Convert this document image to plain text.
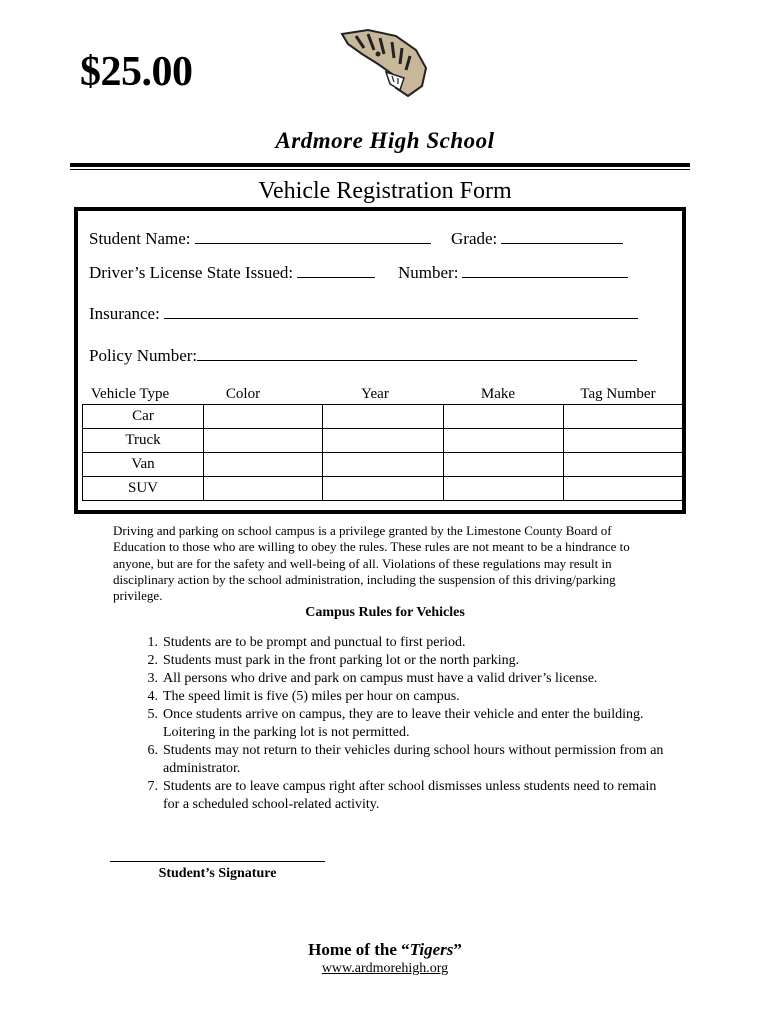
$25.00
Ardmore High School
Vehicle Registration Form
Student Name:	Grade:
Driver’s License State Issued:	Number:
Insurance:
Policy Number:
Vehicle Type	Color	Year	Make	Tag Number
Car				
Truck				
Van				
SUV				
Driving and parking on school campus is a privilege granted by the Limestone County Board of Education to those who are willing to obey the rules. These rules are not meant to be a hindrance to anyone, but are for the safety and well-being of all. Violations of these regulations may result in disciplinary action by the school administration, including the suspension of this driving/parking privilege.
Campus Rules for Vehicles
1. Students are to be prompt and punctual to first period.
2. Students must park in the front parking lot or the north parking.
3. All persons who drive and park on campus must have a valid driver’s license.
4. The speed limit is five (5) miles per hour on campus.
5. Once students arrive on campus, they are to leave their vehicle and enter the building. Loitering in the parking lot is not permitted.
6. Students may not return to their vehicles during school hours without permission from an administrator.
7. Students are to leave campus right after school dismisses unless students need to remain for a scheduled school-related activity.
Student’s Signature
Home of the “Tigers”
www.ardmorehigh.org
